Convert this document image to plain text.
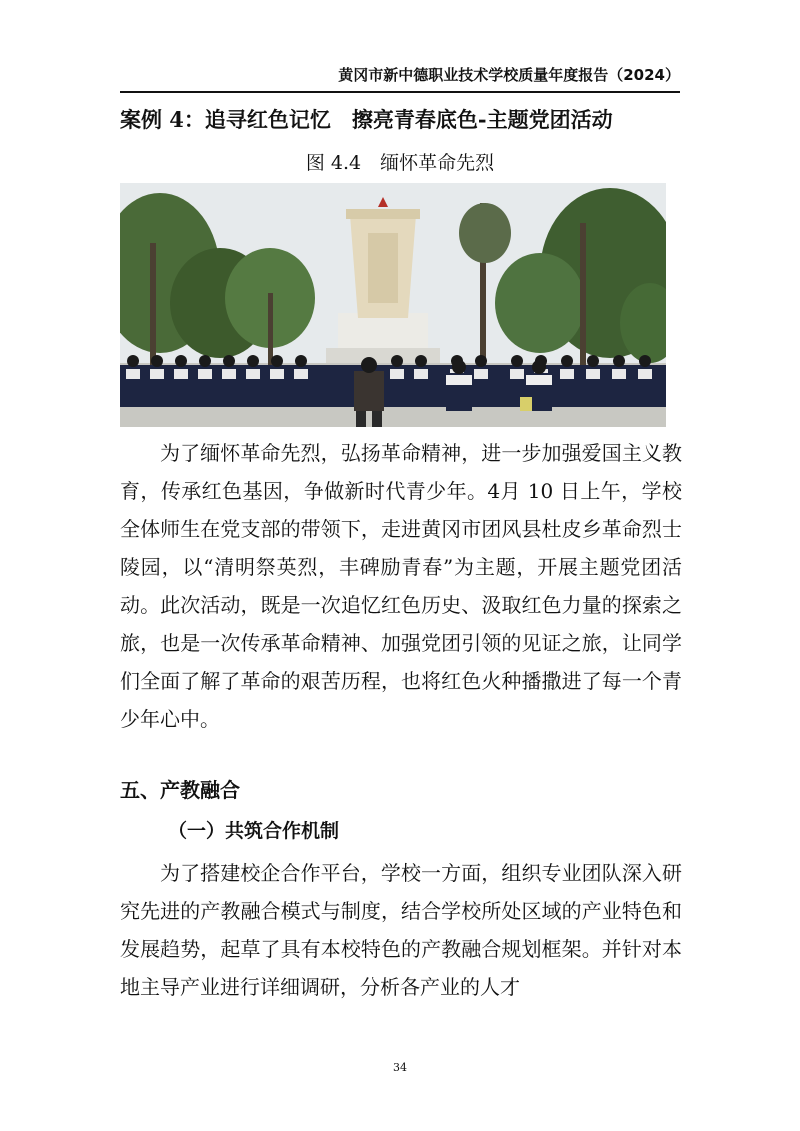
黄冈市新中德职业技术学校质量年度报告（2024）
案例 4：追寻红色记忆　擦亮青春底色-主题党团活动
图 4.4　缅怀革命先烈

为了缅怀革命先烈，弘扬革命精神，进一步加强爱国主义教育，传承红色基因，争做新时代青少年。4月 10 日上午，学校全体师生在党支部的带领下，走进黄冈市团风县杜皮乡革命烈士陵园，以“清明祭英烈，丰碑励青春”为主题，开展主题党团活动。此次活动，既是一次追忆红色历史、汲取红色力量的探索之旅，也是一次传承革命精神、加强党团引领的见证之旅，让同学们全面了解了革命的艰苦历程，也将红色火种播撒进了每一个青少年心中。

五、产教融合
（一）共筑合作机制

为了搭建校企合作平台，学校一方面，组织专业团队深入研究先进的产教融合模式与制度，结合学校所处区域的产业特色和发展趋势，起草了具有本校特色的产教融合规划框架。并针对本地主导产业进行详细调研，分析各产业的人才

34
